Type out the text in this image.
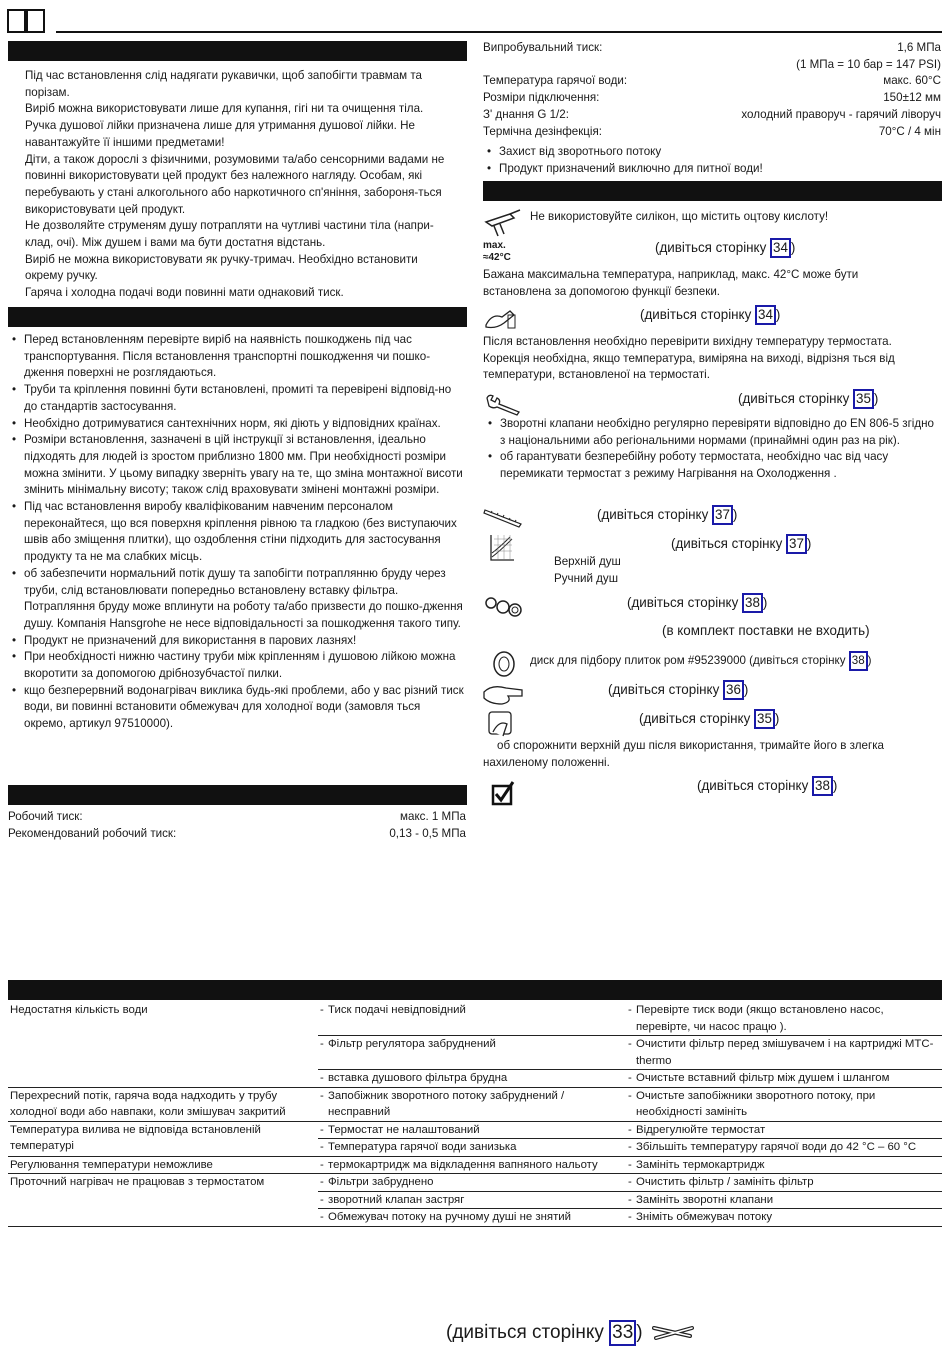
Під час встановлення слід надягати рукавички, щоб запобігти травмам та порізам.

Виріб можна використовувати лише для купання, гігі ни та очищення тіла.

Ручка душової лійки призначена лише для утримання душової лійки. Не навантажуйте її іншими предметами!

Діти, а також дорослі з фізичними, розумовими та/або сенсорними вадами не повинні використовувати цей продукт без належного нагляду. Особам, які перебувають у стані алкогольного або наркотичного сп'яніння, забороня-ться використовувати цей продукт.

Не дозволяйте струменям душу потрапляти на чутливі частини тіла (напри-клад, очі). Між душем і вами ма бути достатня відстань.

Виріб не можна використовувати як ручку-тримач. Необхідно встановити окрему ручку.

Гаряча і холодна подачі води повинні мати однаковий тиск.

• Перед встановленням перевірте виріб на наявність пошкоджень під час транспортування. Після встановлення транспортні пошкодження чи пошко-дження поверхні не розглядаються.

• Труби та кріплення повинні бути встановлені, промиті та перевірені відповід-но до стандартів застосування.

• Необхідно дотримуватися сантехнічних норм, які діють у відповідних країнах.

• Розміри встановлення, зазначені в цій інструкції зі встановлення, ідеально підходять для людей із зростом приблизно 1800 мм. При необхідності розміри можна змінити. У цьому випадку зверніть увагу на те, що зміна монтажної висоти змінить мінімальну висоту; також слід враховувати змінені монтажні розміри.

• Під час встановлення виробу кваліфікованим навченим персоналом переконайтеся, що вся поверхня кріплення рівною та гладкою (без виступаючих швів або зміщення плитки), що оздоблення стіни підходить для застосування продукту та не ма слабких місць.

• об забезпечити нормальний потік душу та запобігти потраплянню бруду через труби, слід встановлювати попередньо встановлену вставку фільтра. Потрапляння бруду може вплинути на роботу та/або призвести до пошко-дження душу. Компанія Hansgrohe не несе відповідальності за пошкодження такого типу.

• Продукт не призначений для використання в парових лазнях!

• При необхідності нижню частину труби між кріпленням і душовою лійкою можна вкоротити за допомогою дрібнозубчастої пилки.

• кщо безперервний водонагрівач викликa будь-які проблеми, або у вас різний тиск води, ви повинні встановити обмежувач для холодної води (замовля ться окремо, артикул 97510000).

Робочий тиск:	макс. 1 МПа
Рекомендований робочий тиск:	0,13 - 0,5 МПа
Випробувальний тиск:	1,6 МПа
(1 МПа = 10 бар = 147 PSI)
Температура гарячої води:	макс. 60°C
Розміри підключення:	150±12 мм
З' днання G 1/2:	холодний праворуч - гарячий ліворуч
Термічна дезінфекція:	70°C / 4 мін

• Захист від зворотнього потоку

• Продукт призначений виключно для питної води!

Не використовуйте силікон, що містить оцтову кислоту!

max.
≈42°C
(дивіться сторінку 34 )

Бажана максимальна температура, наприклад, макс. 42°C може бути встановлена за допомогою функції безпеки.

(дивіться сторінку 34 )

Після встановлення необхідно перевірити вихідну температуру термостата. Корекція необхідна, якщо температура, виміряна на виході, відрізня ться від температури, встановленої на термостаті.

(дивіться сторінку 35 )

• Зворотні клапани необхідно регулярно перевіряти відповідно до EN 806-5 згідно з національними або регіональними нормами (принаймні один раз на рік).

• об гарантувати безперебійну роботу термостата, необхідно час від часу перемикати термостат з режиму Нагрівання на Охолодження .

(дивіться сторінку 37 )
(дивіться сторінку 37 )

Верхній душ

Ручний душ

(дивіться сторінку 38 )

(в комплект поставки не входить)

диск для підбору плиток ром #95239000 (дивіться сторінку 38 )
(дивіться сторінку 36 )
(дивіться сторінку 35 )

об спорожнити верхній душ після використання, тримайте його в злегка нахиленому положенні.

(дивіться сторінку 38 )
Недостатня кількість води	- Тиск подачі невідповідний	- Перевірте тиск води (якщо встановлено насос, перевірте, чи насос працю ).

	- Фільтр регулятора забруднений	- Очистити фільтр перед змішувачем і на картриджі MTC-thermo

	- вставка душового фільтра брудна	- Очистьте вставний фільтр між душем і шлангом

Перехресний потік, гаряча вода надходить у трубу холодної води або навпаки, коли змішувач закритий	- Запобіжник зворотного потоку забруднений / несправний	- Очистьте запобіжники зворотного потоку, при необхідності замініть

Температура вилива не відповіда встановленій температурі	- Термостат не налаштований	- Відрегулюйте термостат

	- Температура гарячої води занизька	- Збільшіть температуру гарячої води до 42 °C – 60 °C

Регулювання температури неможливе	- термокартридж ма відкладення вапняного нальоту	- Замініть термокартридж

Проточний нагрівач не працював з термостатом	- Фільтри забруднено	- Очистить фільтр / замініть фільтр

	- зворотний клапан застряг	- Замініть зворотні клапани

	- Обмежувач потоку на ручному душі не знятий	- Зніміть обмежувач потоку

(дивіться сторінку 33 )
